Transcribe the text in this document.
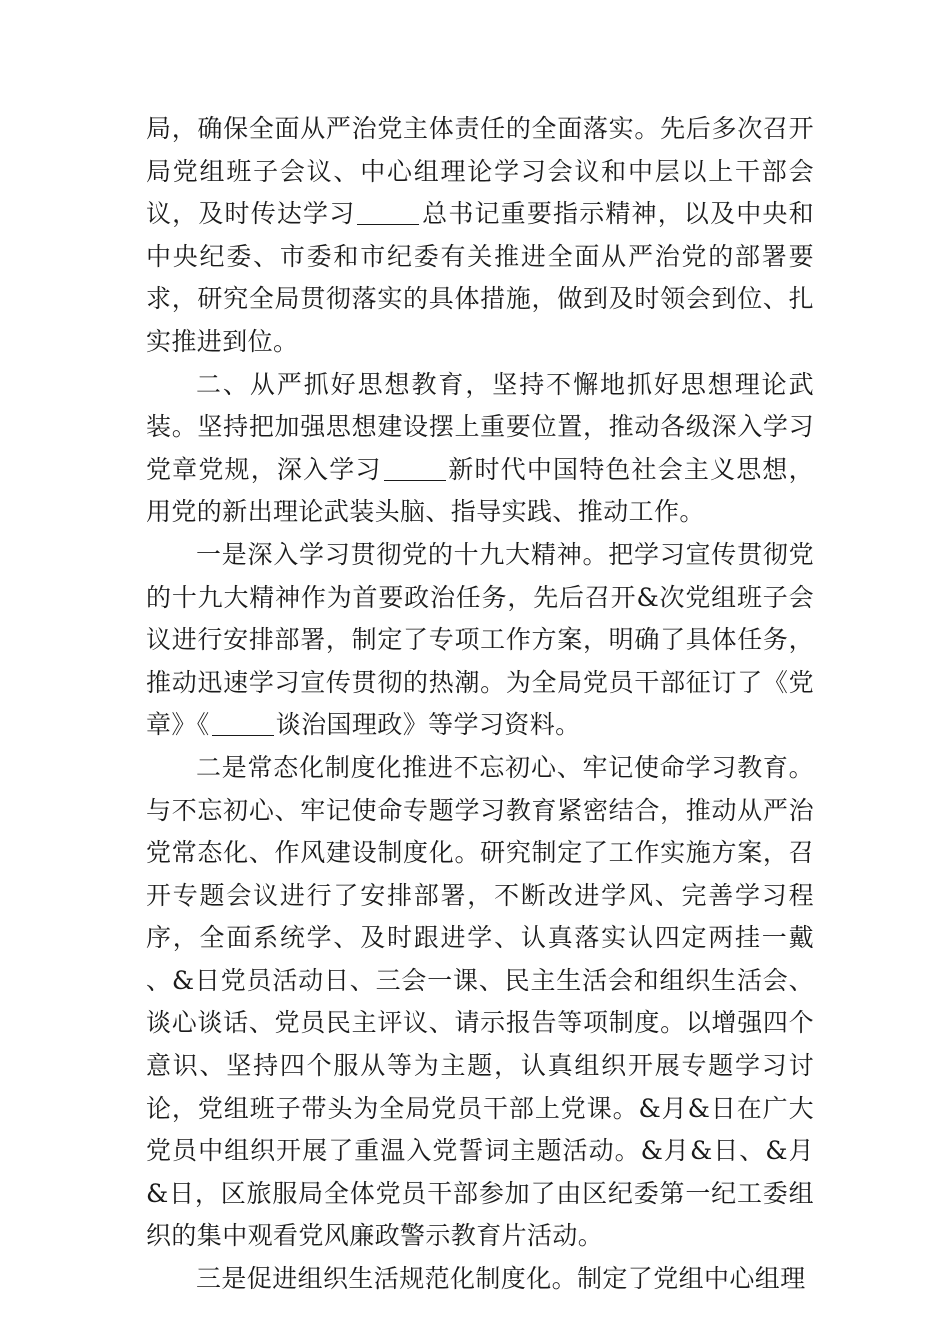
局，确保全面从严治党主体责任的全面落实。先后多次召开局党组班子会议、中心组理论学习会议和中层以上干部会议，及时传达学习	总书记重要指示精神，以及中央和中央纪委、市委和市纪委有关推进全面从严治党的部署要求，研究全局贯彻落实的具体措施，做到及时领会到位、扎实推进到位。

二、从严抓好思想教育，坚持不懈地抓好思想理论武装。坚持把加强思想建设摆上重要位置，推动各级深入学习党章党规，深入学习	新时代中国特色社会主义思想，用党的新出理论武装头脑、指导实践、推动工作。

一是深入学习贯彻党的十九大精神。把学习宣传贯彻党的十九大精神作为首要政治任务，先后召开&次党组班子会议进行安排部署，制定了专项工作方案，明确了具体任务，推动迅速学习宣传贯彻的热潮。为全局党员干部征订了《党章》《	谈治国理政》等学习资料。

二是常态化制度化推进不忘初心、牢记使命学习教育。与不忘初心、牢记使命专题学习教育紧密结合，推动从严治党常态化、作风建设制度化。研究制定了工作实施方案，召开专题会议进行了安排部署，不断改进学风、完善学习程序，全面系统学、及时跟进学、认真落实认四定两挂一戴 、&日党员活动日、三会一课、民主生活会和组织生活会、谈心谈话、党员民主评议、请示报告等项制度。以增强四个意识、坚持四个服从等为主题，认真组织开展专题学习讨论，党组班子带头为全局党员干部上党课。&月&日在广大党员中组织开展了重温入党誓词主题活动。&月&日、&月&日，区旅服局全体党员干部参加了由区纪委第一纪工委组织的集中观看党风廉政警示教育片活动。

三是促进组织生活规范化制度化。制定了党组中心组理
